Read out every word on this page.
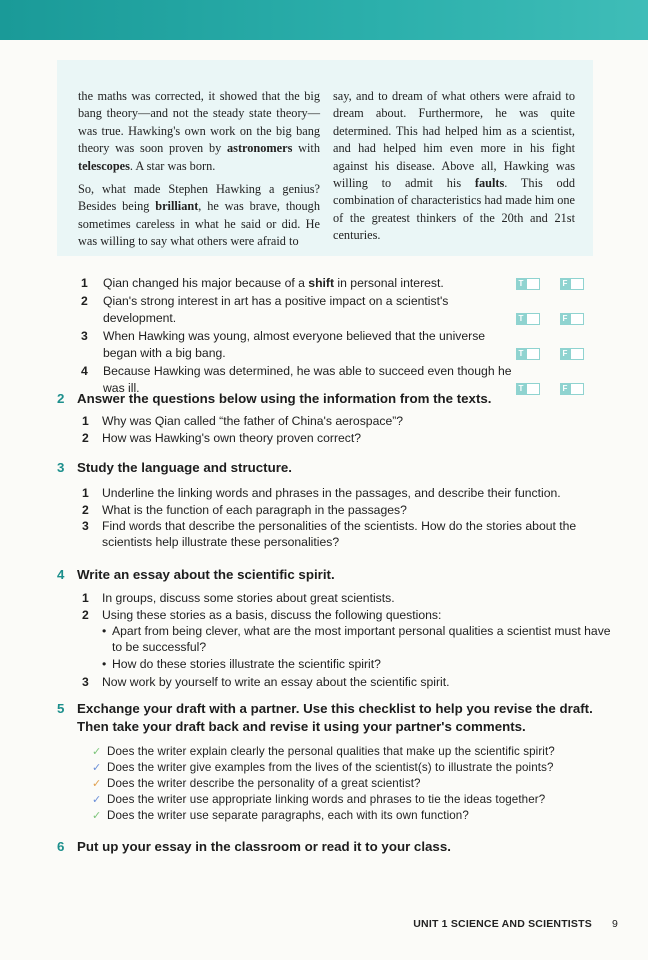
the maths was corrected, it showed that the big bang theory—and not the steady state theory—was true. Hawking's own work on the big bang theory was soon proven by astronomers with telescopes. A star was born.

So, what made Stephen Hawking a genius? Besides being brilliant, he was brave, though sometimes careless in what he said or did. He was willing to say what others were afraid to

say, and to dream of what others were afraid to dream about. Furthermore, he was quite determined. This had helped him as a scientist, and had helped him even more in his fight against his disease. Above all, Hawking was willing to admit his faults. This odd combination of characteristics had made him one of the greatest thinkers of the 20th and 21st centuries.

1 Qian changed his major because of a shift in personal interest.	T	F
2 Qian's strong interest in art has a positive impact on a scientist's development.	T	F
3 When Hawking was young, almost everyone believed that the universe began with a big bang.	T	F
4 Because Hawking was determined, he was able to succeed even though he was ill.	T	F
2 Answer the questions below using the information from the texts.
1 Why was Qian called “the father of China's aerospace”?
2 How was Hawking's own theory proven correct?
3 Study the language and structure.
1 Underline the linking words and phrases in the passages, and describe their function.
2 What is the function of each paragraph in the passages?
3 Find words that describe the personalities of the scientists. How do the stories about the scientists help illustrate these personalities?
4 Write an essay about the scientific spirit.
1 In groups, discuss some stories about great scientists.
2 Using these stories as a basis, discuss the following questions:
• Apart from being clever, what are the most important personal qualities a scientist must have to be successful?
• How do these stories illustrate the scientific spirit?
3 Now work by yourself to write an essay about the scientific spirit.
5 Exchange your draft with a partner. Use this checklist to help you revise the draft. Then take your draft back and revise it using your partner's comments.
✓ Does the writer explain clearly the personal qualities that make up the scientific spirit?
✓ Does the writer give examples from the lives of the scientist(s) to illustrate the points?
✓ Does the writer describe the personality of a great scientist?
✓ Does the writer use appropriate linking words and phrases to tie the ideas together?
✓ Does the writer use separate paragraphs, each with its own function?
6 Put up your essay in the classroom or read it to your class.
UNIT 1 SCIENCE AND SCIENTISTS 9
